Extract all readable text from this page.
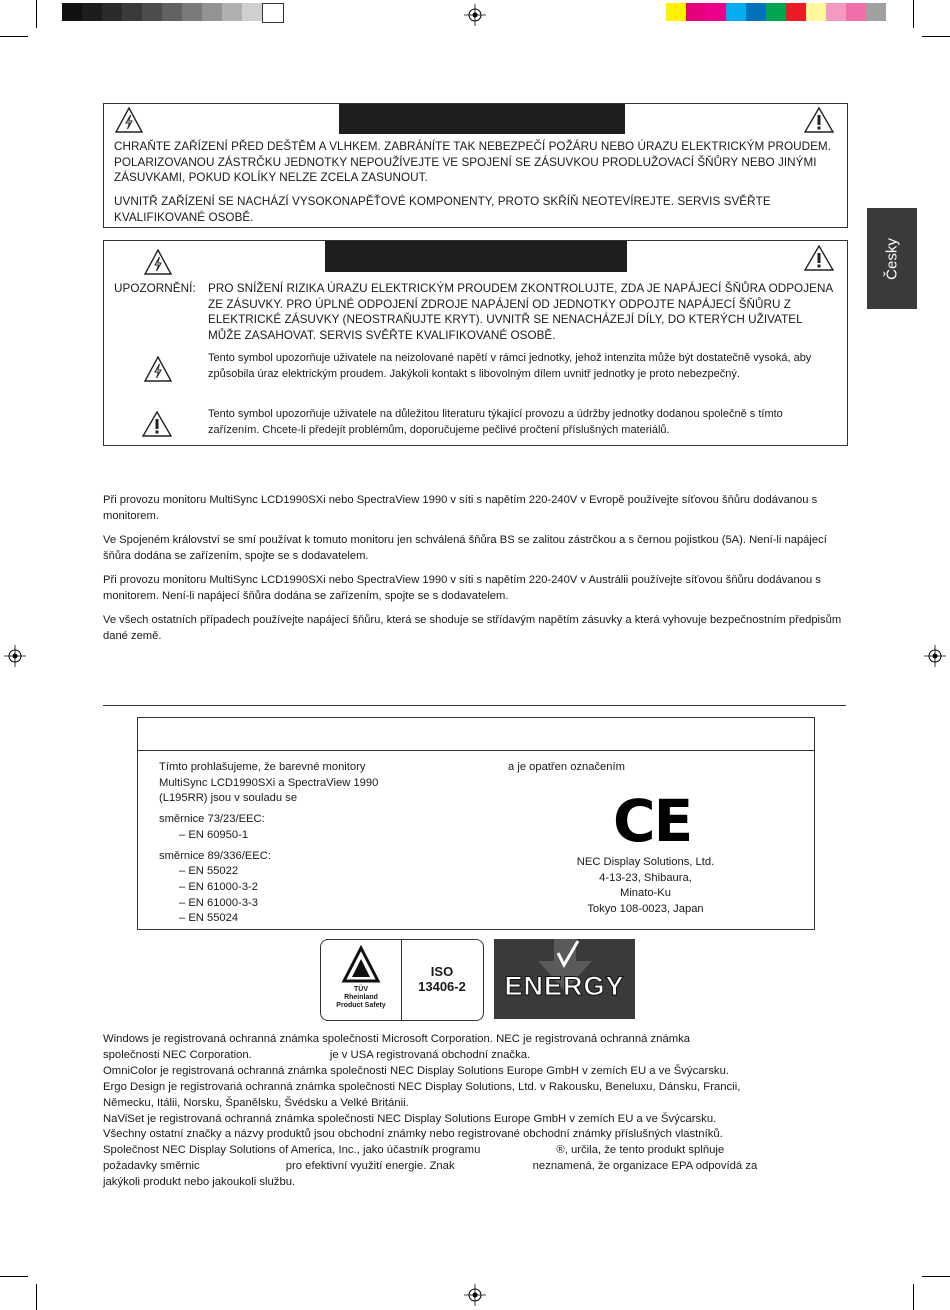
Česky

CHRAŇTE ZAŘÍZENÍ PŘED DEŠTĚM A VLHKEM. ZABRÁNÍTE TAK NEBEZPEČÍ POŽÁRU NEBO ÚRAZU ELEKTRICKÝM PROUDEM. POLARIZOVANOU ZÁSTRČKU JEDNOTKY NEPOUŽÍVEJTE VE SPOJENÍ SE ZÁSUVKOU PRODLUŽOVACÍ ŠŇŮRY NEBO JINÝMI ZÁSUVKAMI, POKUD KOLÍKY NELZE ZCELA ZASUNOUT.

UVNITŘ ZAŘÍZENÍ SE NACHÁZÍ VYSOKONAPĚŤOVÉ KOMPONENTY, PROTO SKŘÍŇ NEOTEVÍREJTE. SERVIS SVĚŘTE KVALIFIKOVANÉ OSOBĚ.

UPOZORNĚNÍ: PRO SNÍŽENÍ RIZIKA ÚRAZU ELEKTRICKÝM PROUDEM ZKONTROLUJTE, ZDA JE NAPÁJECÍ ŠŇŮRA ODPOJENA ZE ZÁSUVKY. PRO ÚPLNÉ ODPOJENÍ ZDROJE NAPÁJENÍ OD JEDNOTKY ODPOJTE NAPÁJECÍ ŠŇŮRU Z ELEKTRICKÉ ZÁSUVKY (NEOSTRAŇUJTE KRYT). UVNITŘ SE NENACHÁZEJÍ DÍLY, DO KTERÝCH UŽIVATEL MŮŽE ZASAHOVAT. SERVIS SVĚŘTE KVALIFIKOVANÉ OSOBĚ.

Tento symbol upozorňuje uživatele na neizolované napětí v rámci jednotky, jehož intenzita může být dostatečně vysoká, aby způsobila úraz elektrickým proudem. Jakýkoli kontakt s libovolným dílem uvnitř jednotky je proto nebezpečný.

Tento symbol upozorňuje uživatele na důležitou literaturu týkající provozu a údržby jednotky dodanou společně s tímto zařízením. Chcete-li předejít problémům, doporučujeme pečlivé pročtení příslušných materiálů.

Při provozu monitoru MultiSync LCD1990SXi nebo SpectraView 1990 v síti s napětím 220-240V v Evropě používejte síťovou šňůru dodávanou s monitorem.

Ve Spojeném království se smí používat k tomuto monitoru jen schválená šňůra BS se zalitou zástrčkou a s černou pojistkou (5A). Není-li napájecí šňůra dodána se zařízením, spojte se s dodavatelem.

Při provozu monitoru MultiSync LCD1990SXi nebo SpectraView 1990 v síti s napětím 220-240V v Austrálii používejte síťovou šňůru dodávanou s monitorem. Není-li napájecí šňůra dodána se zařízením, spojte se s dodavatelem.

Ve všech ostatních případech používejte napájecí šňůru, která se shoduje se střídavým napětím zásuvky a která vyhovuje bezpečnostním předpisům dané země.

Tímto prohlašujeme, že barevné monitory

MultiSync LCD1990SXi a SpectraView 1990

(L195RR) jsou v souladu se

směrnice 73/23/EEC:

– EN 60950-1

směrnice 89/336/EEC:

– EN 55022

– EN 61000-3-2

– EN 61000-3-3

– EN 55024

a je opatřen označením

NEC Display Solutions, Ltd.

4-13-23, Shibaura,

Minato-Ku

Tokyo 108-0023, Japan

CE
TÜV
Rheinland
Product Safety
ISO
13406-2	ENERGY

Windows je registrovaná ochranná známka společnosti Microsoft Corporation. NEC je registrovaná ochranná známka

společnosti NEC Corporation.	je v USA registrovaná obchodní značka.

OmniColor je registrovaná ochranná známka společnosti NEC Display Solutions Europe GmbH v zemích EU a ve Švýcarsku.

Ergo Design je registrovaná ochranná známka společnosti NEC Display Solutions, Ltd. v Rakousku, Beneluxu, Dánsku, Francii,

Německu, Itálii, Norsku, Španělsku, Švédsku a Velké Británii.

NaViSet je registrovaná ochranná známka společnosti NEC Display Solutions Europe GmbH v zemích EU a ve Švýcarsku.

Všechny ostatní značky a názvy produktů jsou obchodní známky nebo registrované obchodní známky příslušných vlastníků.

Společnost NEC Display Solutions of America, Inc., jako účastník programu	®, určila, že tento produkt splňuje

požadavky směrnic	pro efektivní využití energie. Znak	neznamená, že organizace EPA odpovídá za

jakýkoli produkt nebo jakoukoli službu.
